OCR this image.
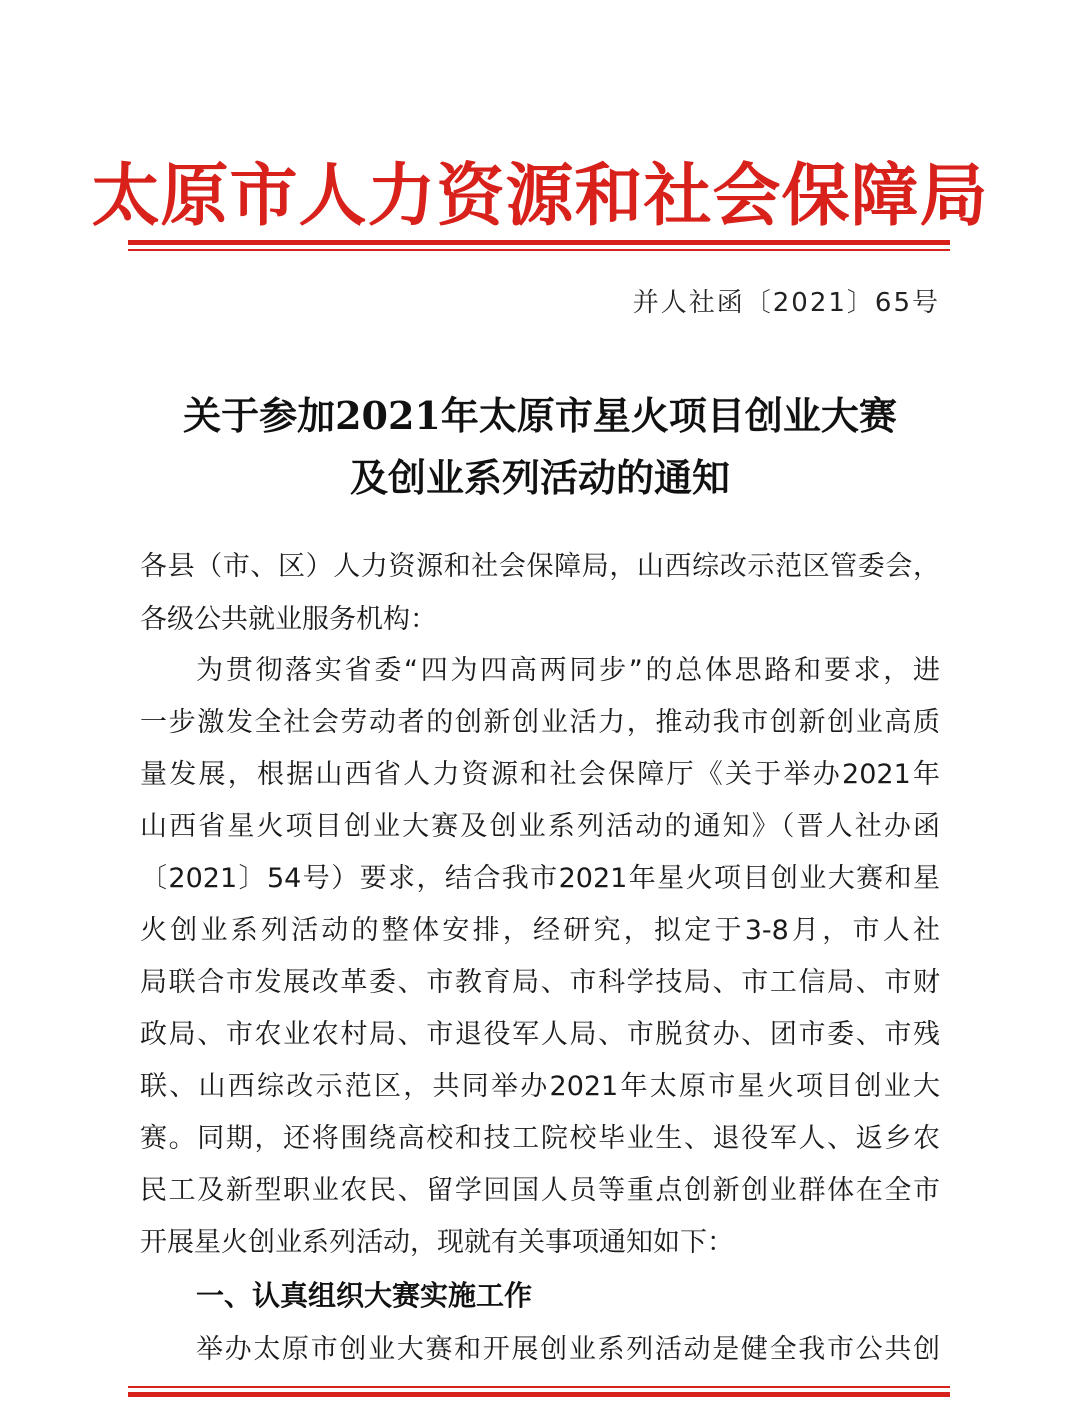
太原市人力资源和社会保障局
并人社函〔2021〕65号
关于参加2021年太原市星火项目创业大赛
及创业系列活动的通知
各县（市、区）人力资源和社会保障局，山西综改示范区管委会，
各级公共就业服务机构：
为贯彻落实省委“四为四高两同步”的总体思路和要求，进
一步激发全社会劳动者的创新创业活力，推动我市创新创业高质
量发展，根据山西省人力资源和社会保障厅《关于举办2021年
山西省星火项目创业大赛及创业系列活动的通知》（晋人社办函
〔2021〕54号）要求，结合我市2021年星火项目创业大赛和星
火创业系列活动的整体安排，经研究，拟定于3-8月，市人社
局联合市发展改革委、市教育局、市科学技局、市工信局、市财
政局、市农业农村局、市退役军人局、市脱贫办、团市委、市残
联、山西综改示范区，共同举办2021年太原市星火项目创业大
赛。同期，还将围绕高校和技工院校毕业生、退役军人、返乡农
民工及新型职业农民、留学回国人员等重点创新创业群体在全市
开展星火创业系列活动，现就有关事项通知如下：
一、认真组织大赛实施工作
举办太原市创业大赛和开展创业系列活动是健全我市公共创
